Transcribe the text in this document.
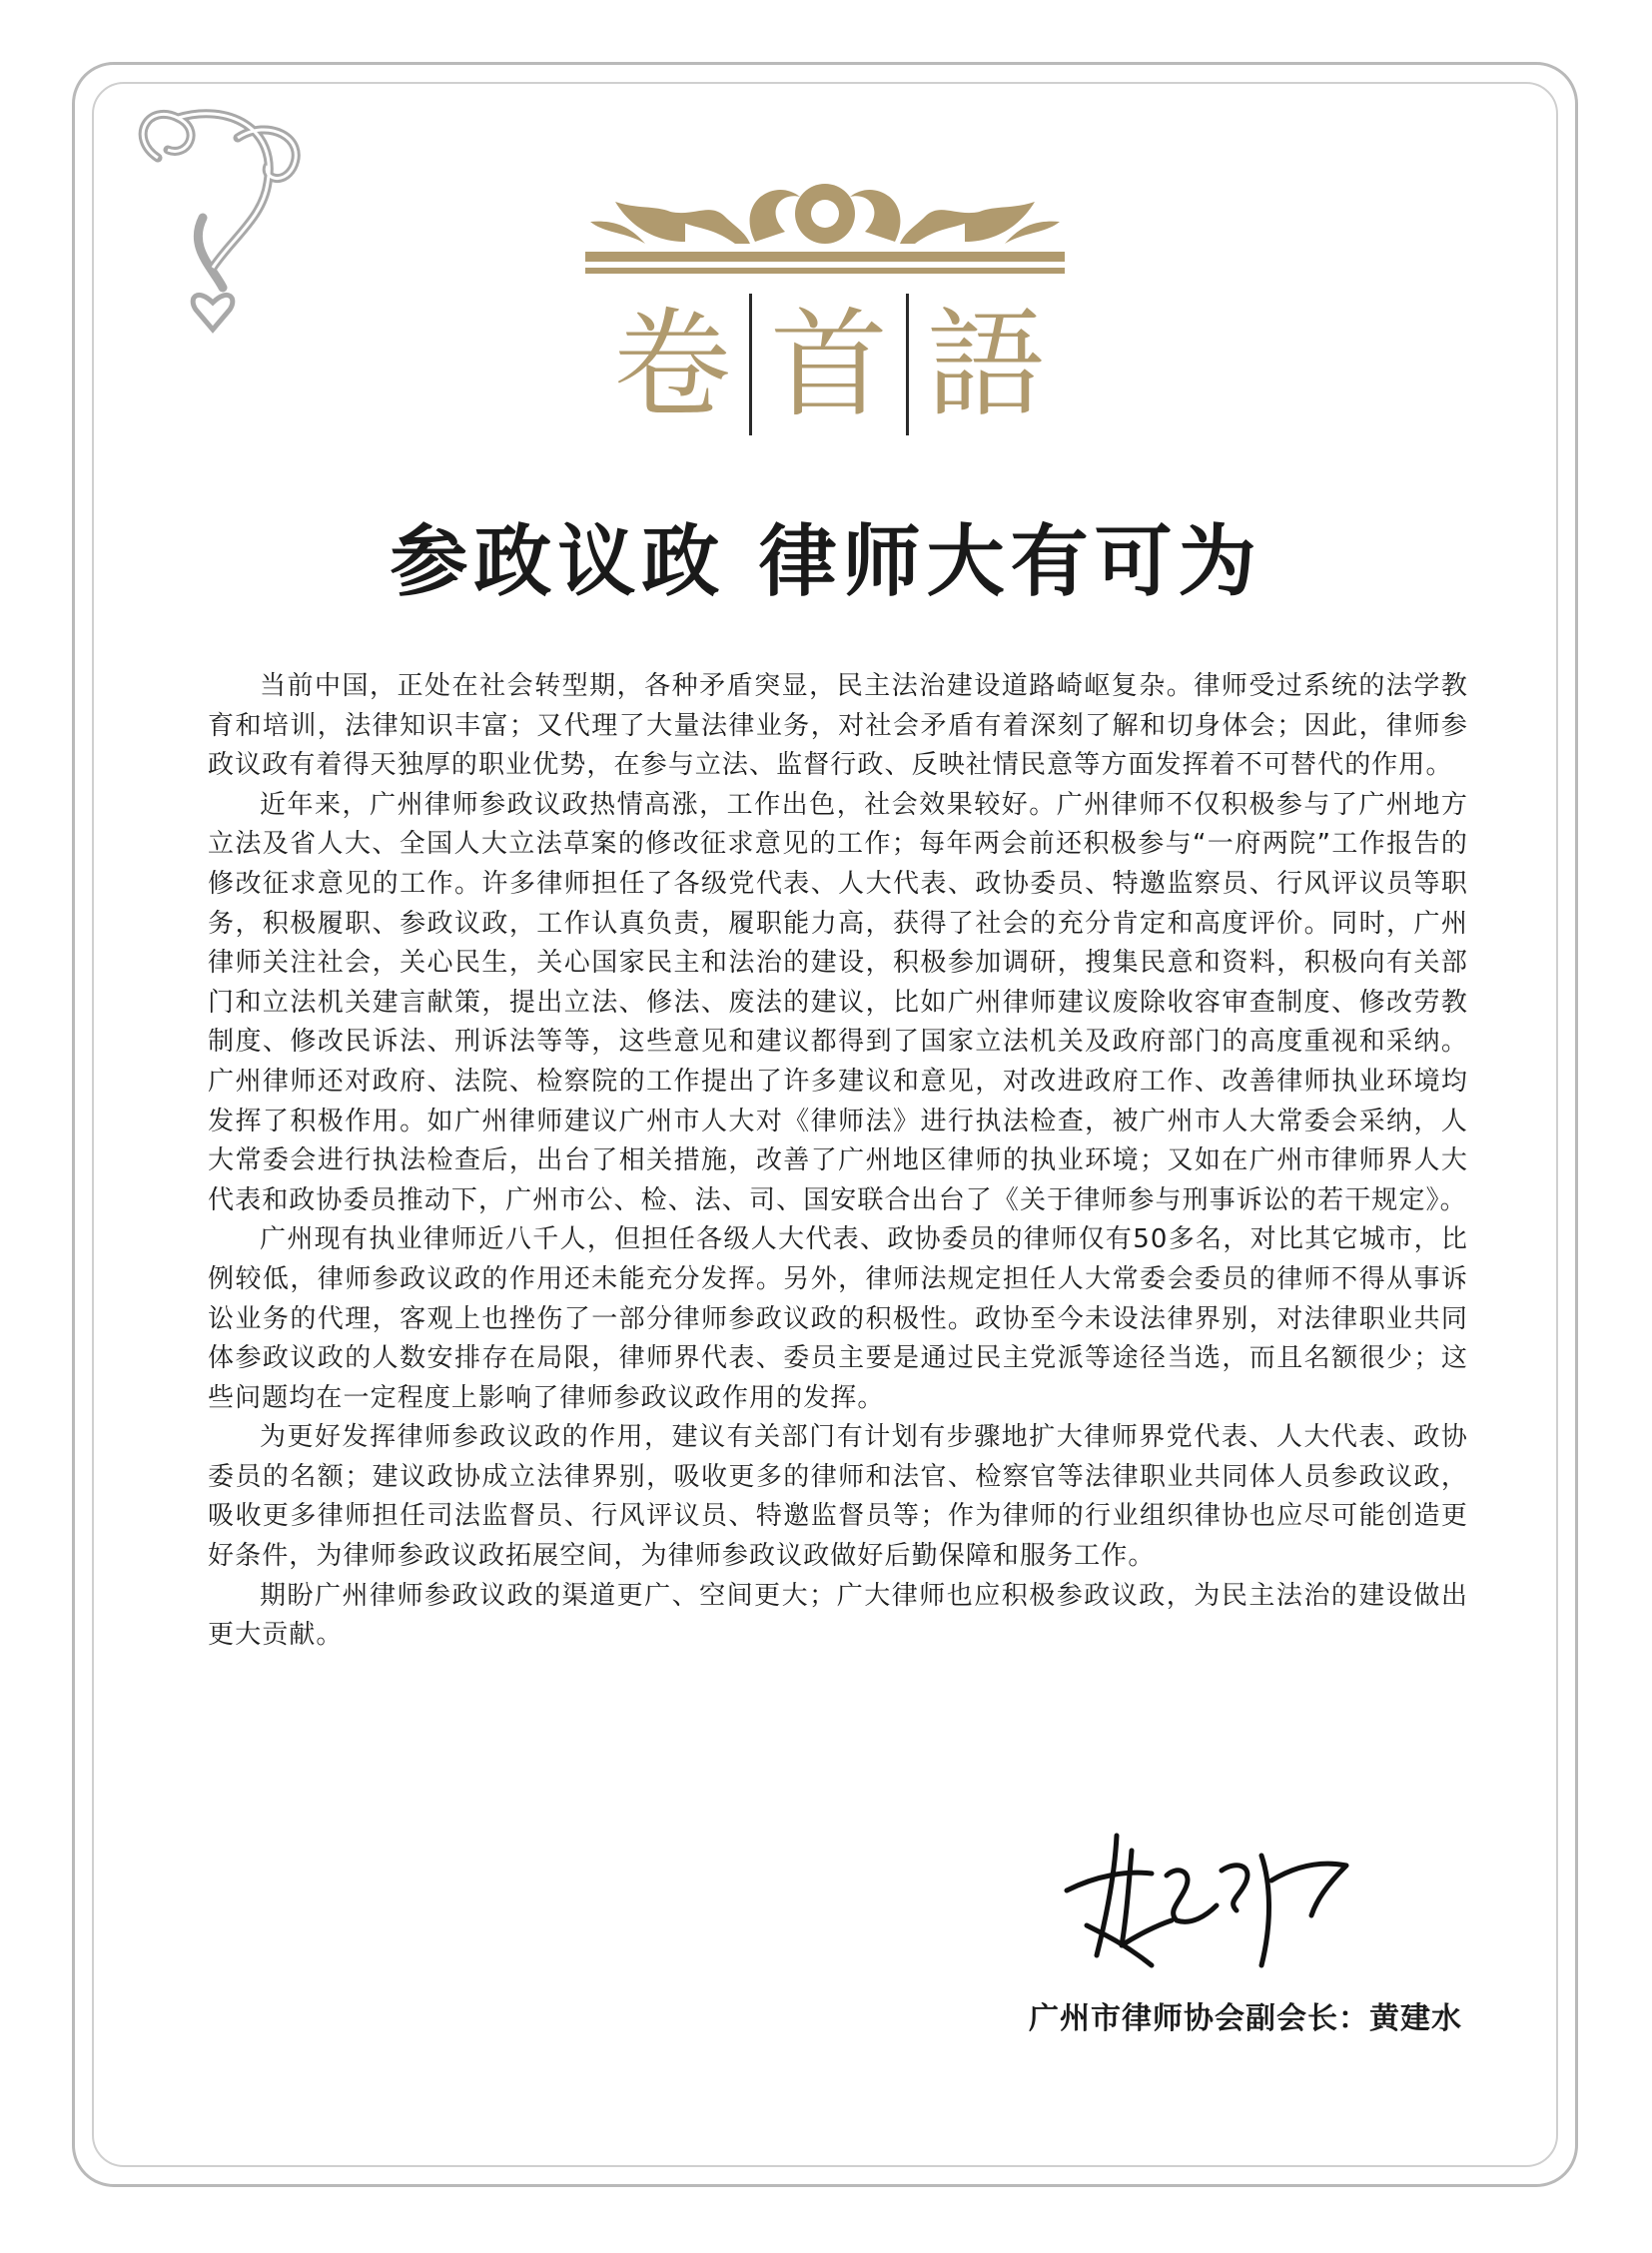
卷 首 語
参政议政 律师大有可为

当前中国，正处在社会转型期，各种矛盾突显，民主法治建设道路崎岖复杂。律师受过系统的法学教育和培训，法律知识丰富；又代理了大量法律业务，对社会矛盾有着深刻了解和切身体会；因此，律师参政议政有着得天独厚的职业优势，在参与立法、监督行政、反映社情民意等方面发挥着不可替代的作用。

近年来，广州律师参政议政热情高涨，工作出色，社会效果较好。广州律师不仅积极参与了广州地方立法及省人大、全国人大立法草案的修改征求意见的工作；每年两会前还积极参与“一府两院”工作报告的修改征求意见的工作。许多律师担任了各级党代表、人大代表、政协委员、特邀监察员、行风评议员等职务，积极履职、参政议政，工作认真负责，履职能力高，获得了社会的充分肯定和高度评价。同时，广州律师关注社会，关心民生，关心国家民主和法治的建设，积极参加调研，搜集民意和资料，积极向有关部门和立法机关建言献策，提出立法、修法、废法的建议，比如广州律师建议废除收容审查制度、修改劳教制度、修改民诉法、刑诉法等等，这些意见和建议都得到了国家立法机关及政府部门的高度重视和采纳。广州律师还对政府、法院、检察院的工作提出了许多建议和意见，对改进政府工作、改善律师执业环境均发挥了积极作用。如广州律师建议广州市人大对《律师法》进行执法检查，被广州市人大常委会采纳，人大常委会进行执法检查后，出台了相关措施，改善了广州地区律师的执业环境；又如在广州市律师界人大代表和政协委员推动下，广州市公、检、法、司、国安联合出台了《关于律师参与刑事诉讼的若干规定》。

广州现有执业律师近八千人，但担任各级人大代表、政协委员的律师仅有50多名，对比其它城市，比例较低，律师参政议政的作用还未能充分发挥。另外，律师法规定担任人大常委会委员的律师不得从事诉讼业务的代理，客观上也挫伤了一部分律师参政议政的积极性。政协至今未设法律界别，对法律职业共同体参政议政的人数安排存在局限，律师界代表、委员主要是通过民主党派等途径当选，而且名额很少；这些问题均在一定程度上影响了律师参政议政作用的发挥。

为更好发挥律师参政议政的作用，建议有关部门有计划有步骤地扩大律师界党代表、人大代表、政协委员的名额；建议政协成立法律界别，吸收更多的律师和法官、检察官等法律职业共同体人员参政议政，吸收更多律师担任司法监督员、行风评议员、特邀监督员等；作为律师的行业组织律协也应尽可能创造更好条件，为律师参政议政拓展空间，为律师参政议政做好后勤保障和服务工作。

期盼广州律师参政议政的渠道更广、空间更大；广大律师也应积极参政议政，为民主法治的建设做出更大贡献。

广州市律师协会副会长：黄建水
